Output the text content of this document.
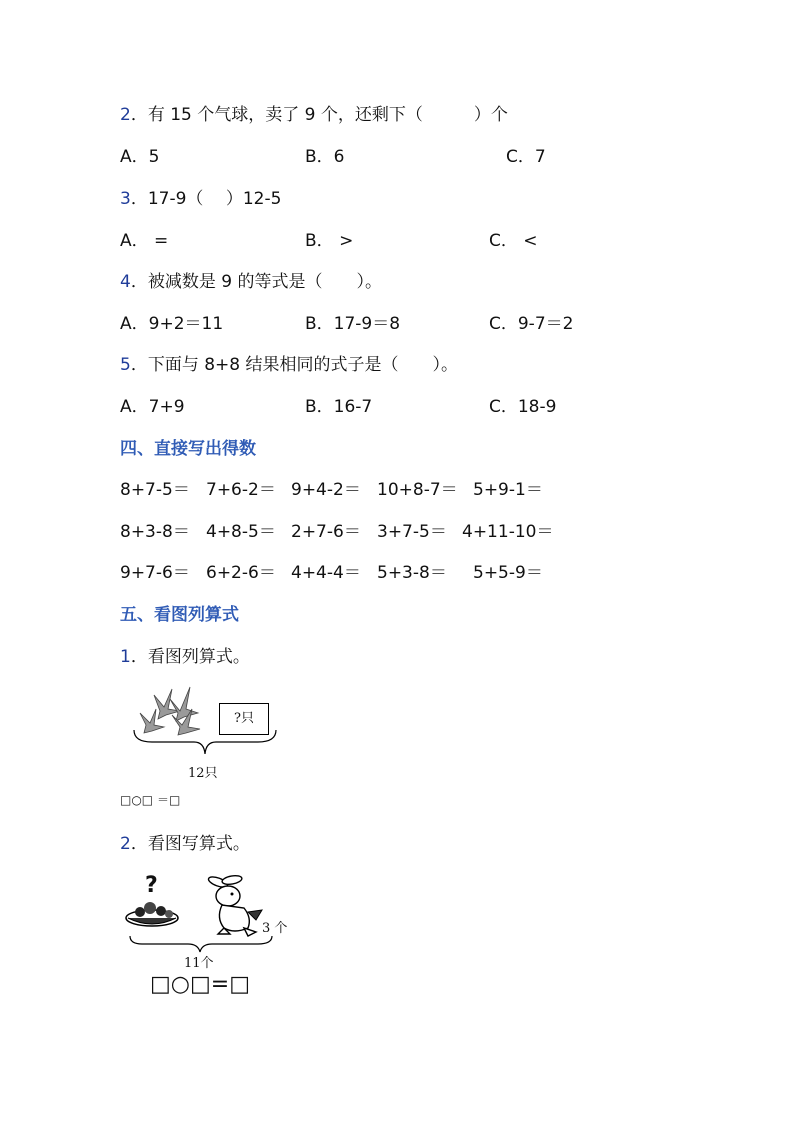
2．有 15 个气球，卖了 9 个，还剩下（　　　）个
A．5	B．6	C．7
3．17-9（　 ）12-5
A． =	B． >	C． <
4．被减数是 9 的等式是（　　）。
A．9+2＝11	B．17-9＝8	C．9-7＝2
5．下面与 8+8 结果相同的式子是（　　）。
A．7+9	B．16-7	C．18-9
四、直接写出得数
8+7-5＝ 7+6-2＝ 9+4-2＝ 10+8-7＝ 5+9-1＝
8+3-8＝ 4+8-5＝ 2+7-6＝ 3+7-5＝ 4+11-10＝
9+7-6＝ 6+2-6＝ 4+4-4＝ 5+3-8＝ 5+5-9＝
五、看图列算式
1．看图列算式。
?只
12只
□○□ ＝□
2．看图写算式。
?
3 个
11个
□○□=□
